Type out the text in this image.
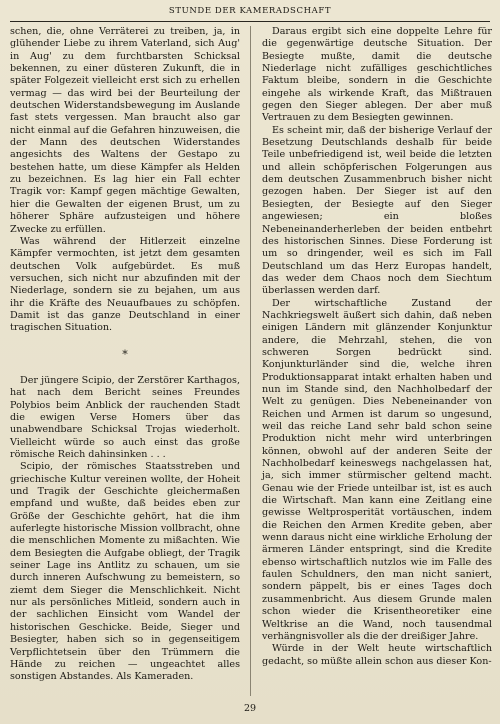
STUNDE DER KAMERADSCHAFT

schen, die, ohne Verräterei zu treiben, ja, in glühender Liebe zu ihrem Vaterland, sich Aug' in Aug' zu dem furchtbarsten Schicksal bekennen, zu einer düsteren Zukunft, die in später Folgezeit vielleicht erst sich zu erhellen vermag — das wird bei der Beurteilung der deutschen Widerstandsbewegung im Auslande fast stets vergessen. Man braucht also gar nicht einmal auf die Gefahren hinzuweisen, die der Mann des deutschen Widerstandes angesichts des Waltens der Gestapo zu bestehen hatte, um diese Kämpfer als Helden zu bezeichnen. Es lag hier ein Fall echter Tragik vor: Kampf gegen mächtige Gewalten, hier die Gewalten der eigenen Brust, um zu höherer Sphäre aufzusteigen und höhere Zwecke zu erfüllen.

Was während der Hitlerzeit einzelne Kämpfer vermochten, ist jetzt dem gesamten deutschen Volk aufgebürdet. Es muß versuchen, sich nicht nur abzufinden mit der Niederlage, sondern sie zu bejahen, um aus ihr die Kräfte des Neuaufbaues zu schöpfen. Damit ist das ganze Deutschland in einer tragischen Situation.

*

Der jüngere Scipio, der Zerstörer Karthagos, hat nach dem Bericht seines Freundes Polybios beim Anblick der rauchenden Stadt die ewigen Verse Homers über das unabwendbare Schicksal Trojas wiederholt. Vielleicht würde so auch einst das große römische Reich dahinsinken . . .

Scipio, der römisches Staatsstreben und griechische Kultur vereinen wollte, der Hoheit und Tragik der Geschichte gleichermaßen empfand und wußte, daß beides eben zur Größe der Geschichte gehört, hat die ihm auferlegte historische Mission vollbracht, ohne die menschlichen Momente zu mißachten. Wie dem Besiegten die Aufgabe obliegt, der Tragik seiner Lage ins Antlitz zu schauen, um sie durch inneren Aufschwung zu bemeistern, so ziemt dem Sieger die Menschlichkeit. Nicht nur als persönliches Mitleid, sondern auch in der sachlichen Einsicht vom Wandel der historischen Geschicke. Beide, Sieger und Besiegter, haben sich so in gegenseitigem Verpflichtetsein über den Trümmern die Hände zu reichen — ungeachtet alles sonstigen Abstandes. Als Kameraden.

Daraus ergibt sich eine doppelte Lehre für die gegenwärtige deutsche Situation. Der Besiegte mußte, damit die deutsche Niederlage nicht zufälliges geschichtliches Faktum bleibe, sondern in die Geschichte eingehe als wirkende Kraft, das Mißtrauen gegen den Sieger ablegen. Der aber muß Vertrauen zu dem Besiegten gewinnen.

Es scheint mir, daß der bisherige Verlauf der Besetzung Deutschlands deshalb für beide Teile unbefriedigend ist, weil beide die letzten und allein schöpferischen Folgerungen aus dem deutschen Zusammenbruch bisher nicht gezogen haben. Der Sieger ist auf den Besiegten, der Besiegte auf den Sieger angewiesen; ein bloßes Nebeneinanderherleben der beiden entbehrt des historischen Sinnes. Diese Forderung ist um so dringender, weil es sich im Fall Deutschland um das Herz Europas handelt, das weder dem Chaos noch dem Siechtum überlassen werden darf.

Der wirtschaftliche Zustand der Nachkriegswelt äußert sich dahin, daß neben einigen Ländern mit glänzender Konjunktur andere, die Mehrzahl, stehen, die von schweren Sorgen bedrückt sind. Konjunkturländer sind die, welche ihren Produktionsapparat intakt erhalten haben und nun im Stande sind, den Nachholbedarf der Welt zu genügen. Dies Nebeneinander von Reichen und Armen ist darum so ungesund, weil das reiche Land sehr bald schon seine Produktion nicht mehr wird unterbringen können, obwohl auf der anderen Seite der Nachholbedarf keineswegs nachgelassen hat, ja, sich immer stürmischer geltend macht. Genau wie der Friede unteilbar ist, ist es auch die Wirtschaft. Man kann eine Zeitlang eine gewisse Weltprosperität vortäuschen, indem die Reichen den Armen Kredite geben, aber wenn daraus nicht eine wirkliche Erholung der ärmeren Länder entspringt, sind die Kredite ebenso wirtschaftlich nutzlos wie im Falle des faulen Schuldners, den man nicht saniert, sondern päppelt, bis er eines Tages doch zusammenbricht. Aus diesem Grunde malen schon wieder die Krisentheoretiker eine Weltkrise an die Wand, noch tausendmal verhängnisvoller als die der dreißiger Jahre.

Würde in der Welt heute wirtschaftlich gedacht, so müßte allein schon aus dieser Kon-

29
